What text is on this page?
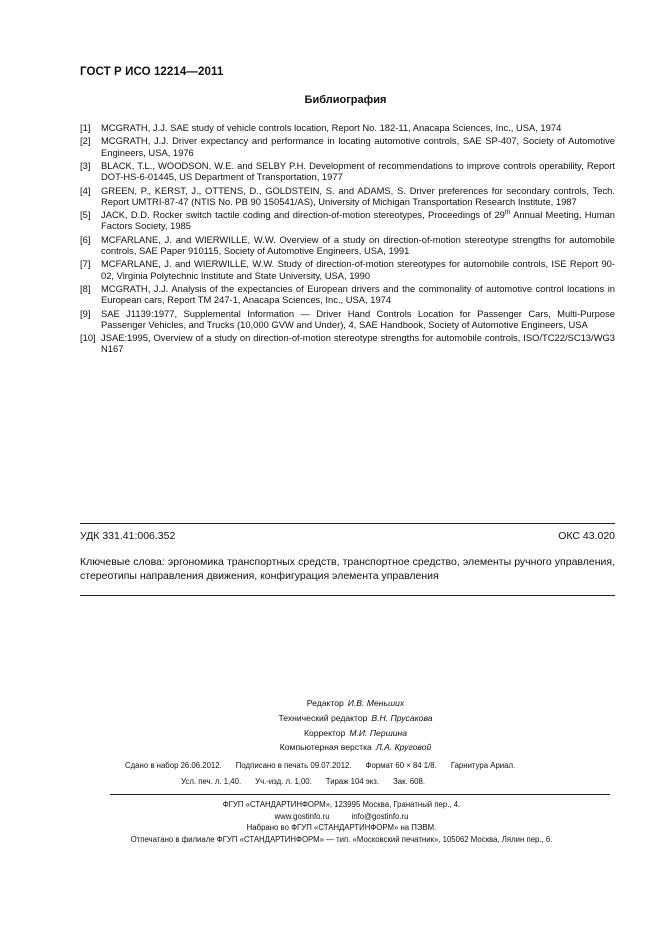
ГОСТ Р ИСО 12214—2011
Библиография
[1]	MCGRATH, J.J. SAE study of vehicle controls location, Report No. 182-11, Anacapa Sciences, Inc., USA, 1974
[2]	MCGRATH, J.J. Driver expectancy and performance in locating automotive controls, SAE SP-407, Society of Automotive Engineers, USA, 1976
[3]	BLACK, T.L., WOODSON, W.E. and SELBY P.H. Development of recommendations to improve controls operability, Report DOT-HS-6-01445, US Department of Transportation, 1977
[4]	GREEN, P., KERST, J., OTTENS, D., GOLDSTEIN, S. and ADAMS, S. Driver preferences for secondary controls, Tech. Report UMTRI-87-47 (NTIS No. PB 90 150541/AS), University of Michigan Transportation Research Institute, 1987
[5]	JACK, D.D. Rocker switch tactile coding and direction-of-motion stereotypes, Proceedings of 29th Annual Meeting, Human Factors Society, 1985
[6]	MCFARLANE, J. and WIERWILLE, W.W. Overview of a study on direction-of-motion stereotype strengths for automobile controls, SAE Paper 910115, Society of Automotive Engineers, USA, 1991
[7]	MCFARLANE, J. and WIERWILLE, W.W. Study of direction-of-motion stereotypes for automobile controls, ISE Report 90-02, Virginia Polytechnic Institute and State University, USA, 1990
[8]	MCGRATH, J.J. Analysis of the expectancies of European drivers and the commonality of automotive control locations in European cars, Report TM 247-1, Anacapa Sciences, Inc., USA, 1974
[9]	SAE J1139:1977, Supplemental Information — Driver Hand Controls Location for Passenger Cars, Multi-Purpose Passenger Vehicles, and Trucks (10,000 GVW and Under), 4, SAE Handbook, Society of Automotive Engineers, USA
[10] JSAE:1995, Overview of a study on direction-of-motion stereotype strengths for automobile controls, ISO/TC22/SC13/WG3 N167
УДК 331.41:006.352	ОКС 43.020
Ключевые слова: эргономика транспортных средств, транспортное средство, элементы ручного управления, стереотипы направления движения, конфигурация элемента управления
Редактор И.В. Меньших
Технический редактор В.Н. Прусакова
Корректор М.И. Першина
Компьютерная верстка Л.А. Круговой
Сдано в набор 26.06.2012. Подписано в печать 09.07.2012. Формат 60 × 84 1/8. Гарнитура Ариал.
Усл. печ. л. 1,40. Уч.-изд. л. 1,00. Тираж 104 экз. Зак. 608.
ФГУП «СТАНДАРТИНФОРМ», 123995 Москва, Гранатный пер., 4.
www.gostinfo.ru	info@gostinfo.ru
Набрано во ФГУП «СТАНДАРТИНФОРМ» на ПЭВМ.
Отпечатано в филиале ФГУП «СТАНДАРТИНФОРМ» — тип. «Московский печатник», 105062 Москва, Лялин пер., 6.
